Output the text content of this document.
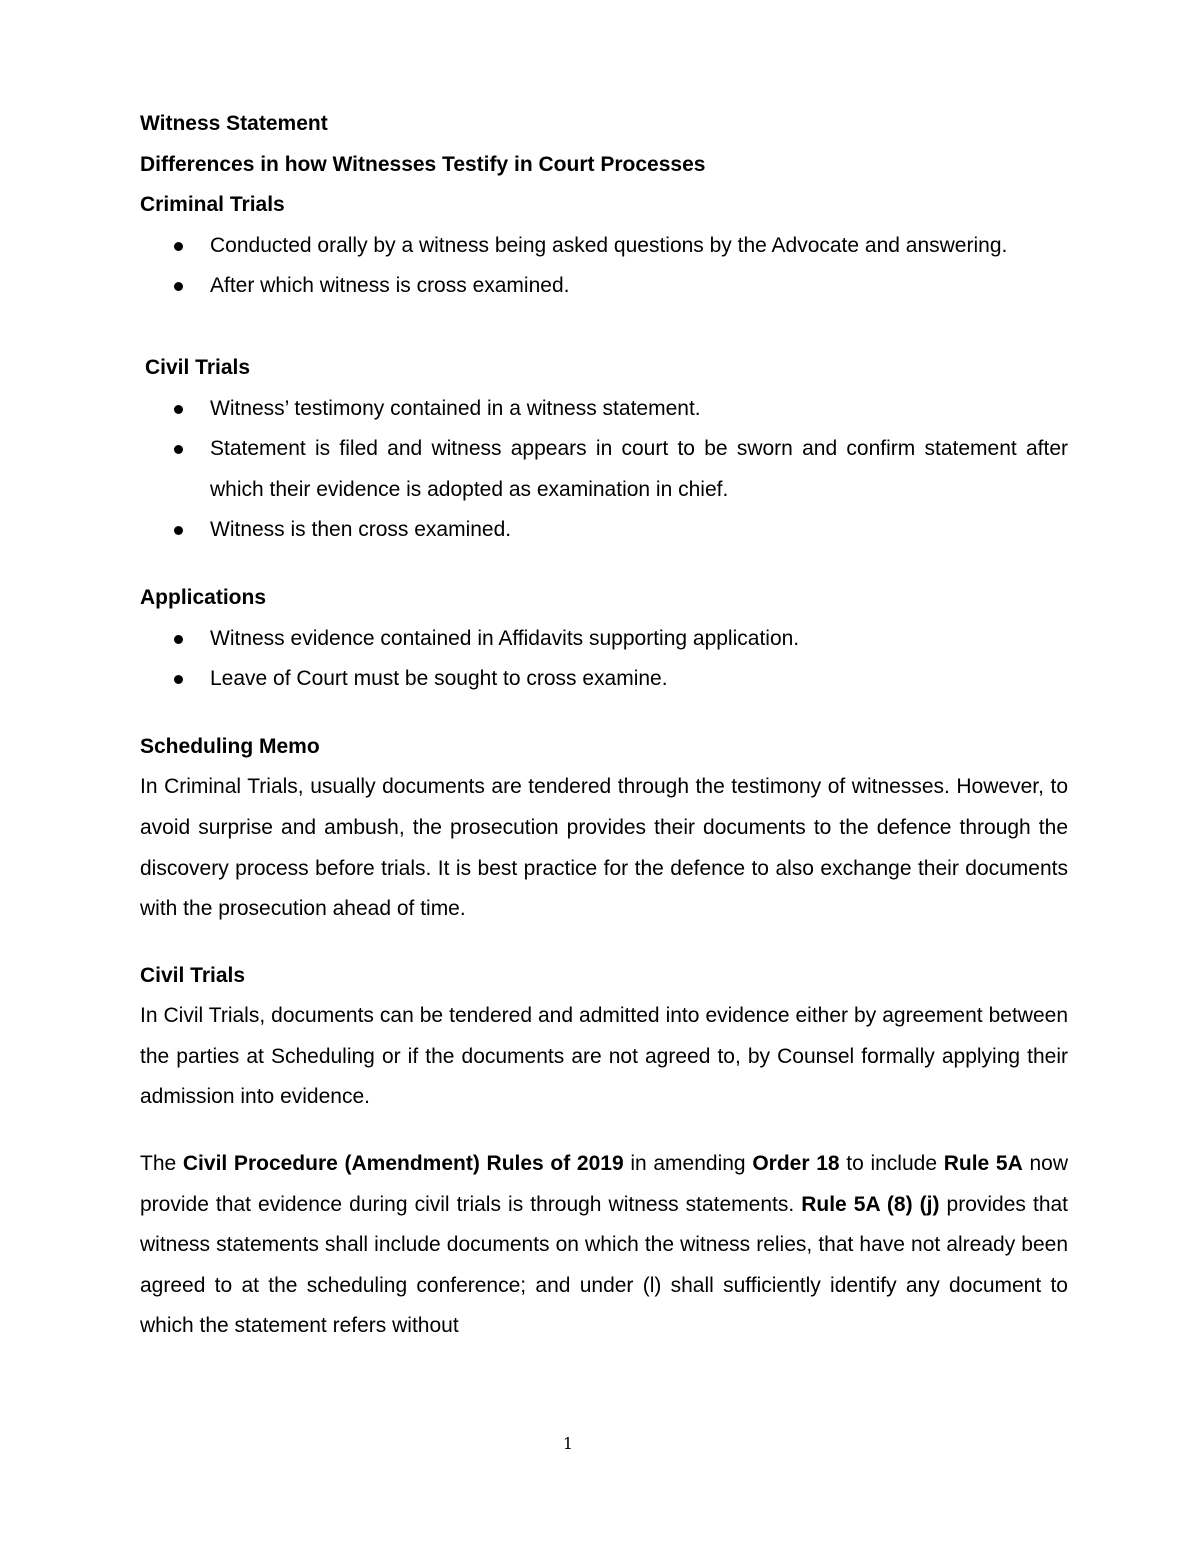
Witness Statement
Differences in how Witnesses Testify in Court Processes
Criminal Trials
Conducted orally by a witness being asked questions by the Advocate and answering.
After which witness is cross examined.
Civil Trials
Witness’ testimony contained in a witness statement.
Statement is filed and witness appears in court to be sworn and confirm statement after which their evidence is adopted as examination in chief.
Witness is then cross examined.
Applications
Witness evidence contained in Affidavits supporting application.
Leave of Court must be sought to cross examine.
Scheduling Memo

In Criminal Trials, usually documents are tendered through the testimony of witnesses. However, to avoid surprise and ambush, the prosecution provides their documents to the defence through the discovery process before trials. It is best practice for the defence to also exchange their documents with the prosecution ahead of time.

Civil Trials

In Civil Trials, documents can be tendered and admitted into evidence either by agreement between the parties at Scheduling or if the documents are not agreed to, by Counsel formally applying their admission into evidence.

The Civil Procedure (Amendment) Rules of 2019 in amending Order 18 to include Rule 5A now provide that evidence during civil trials is through witness statements. Rule 5A (8) (j) provides that witness statements shall include documents on which the witness relies, that have not already been agreed to at the scheduling conference; and under (l) shall sufficiently identify any document to which the statement refers without

1
